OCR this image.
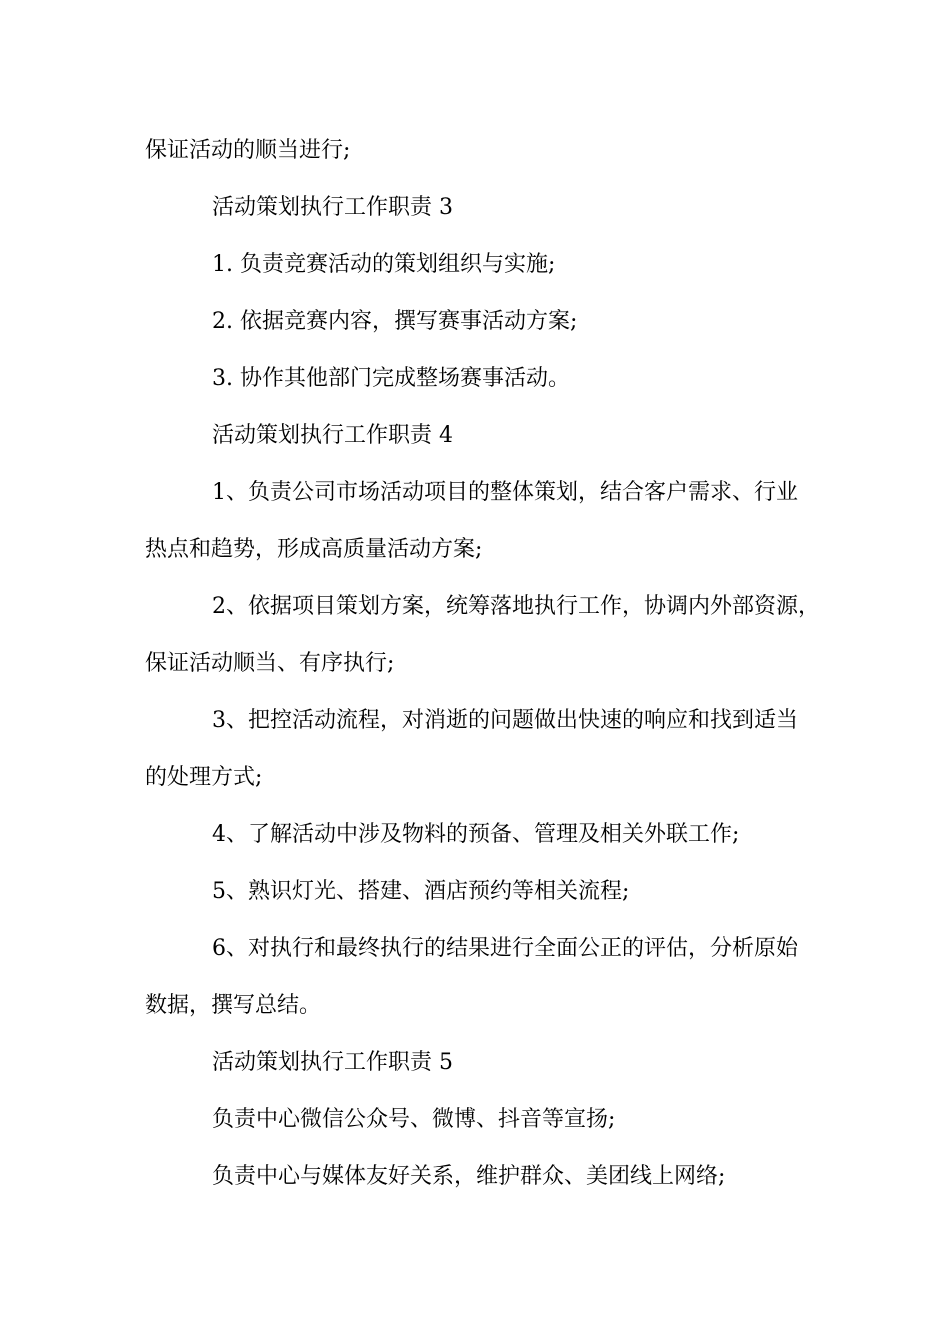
保证活动的顺当进行;
活动策划执行工作职责 3
1. 负责竞赛活动的策划组织与实施;
2. 依据竞赛内容，撰写赛事活动方案;
3. 协作其他部门完成整场赛事活动。
活动策划执行工作职责 4
1、负责公司市场活动项目的整体策划，结合客户需求、行业
热点和趋势，形成高质量活动方案;
2、依据项目策划方案，统筹落地执行工作，协调内外部资源，
保证活动顺当、有序执行;
3、把控活动流程，对消逝的问题做出快速的响应和找到适当
的处理方式;
4、了解活动中涉及物料的预备、管理及相关外联工作;
5、熟识灯光、搭建、酒店预约等相关流程;
6、对执行和最终执行的结果进行全面公正的评估，分析原始
数据，撰写总结。
活动策划执行工作职责 5
负责中心微信公众号、微博、抖音等宣扬;
负责中心与媒体友好关系，维护群众、美团线上网络;
